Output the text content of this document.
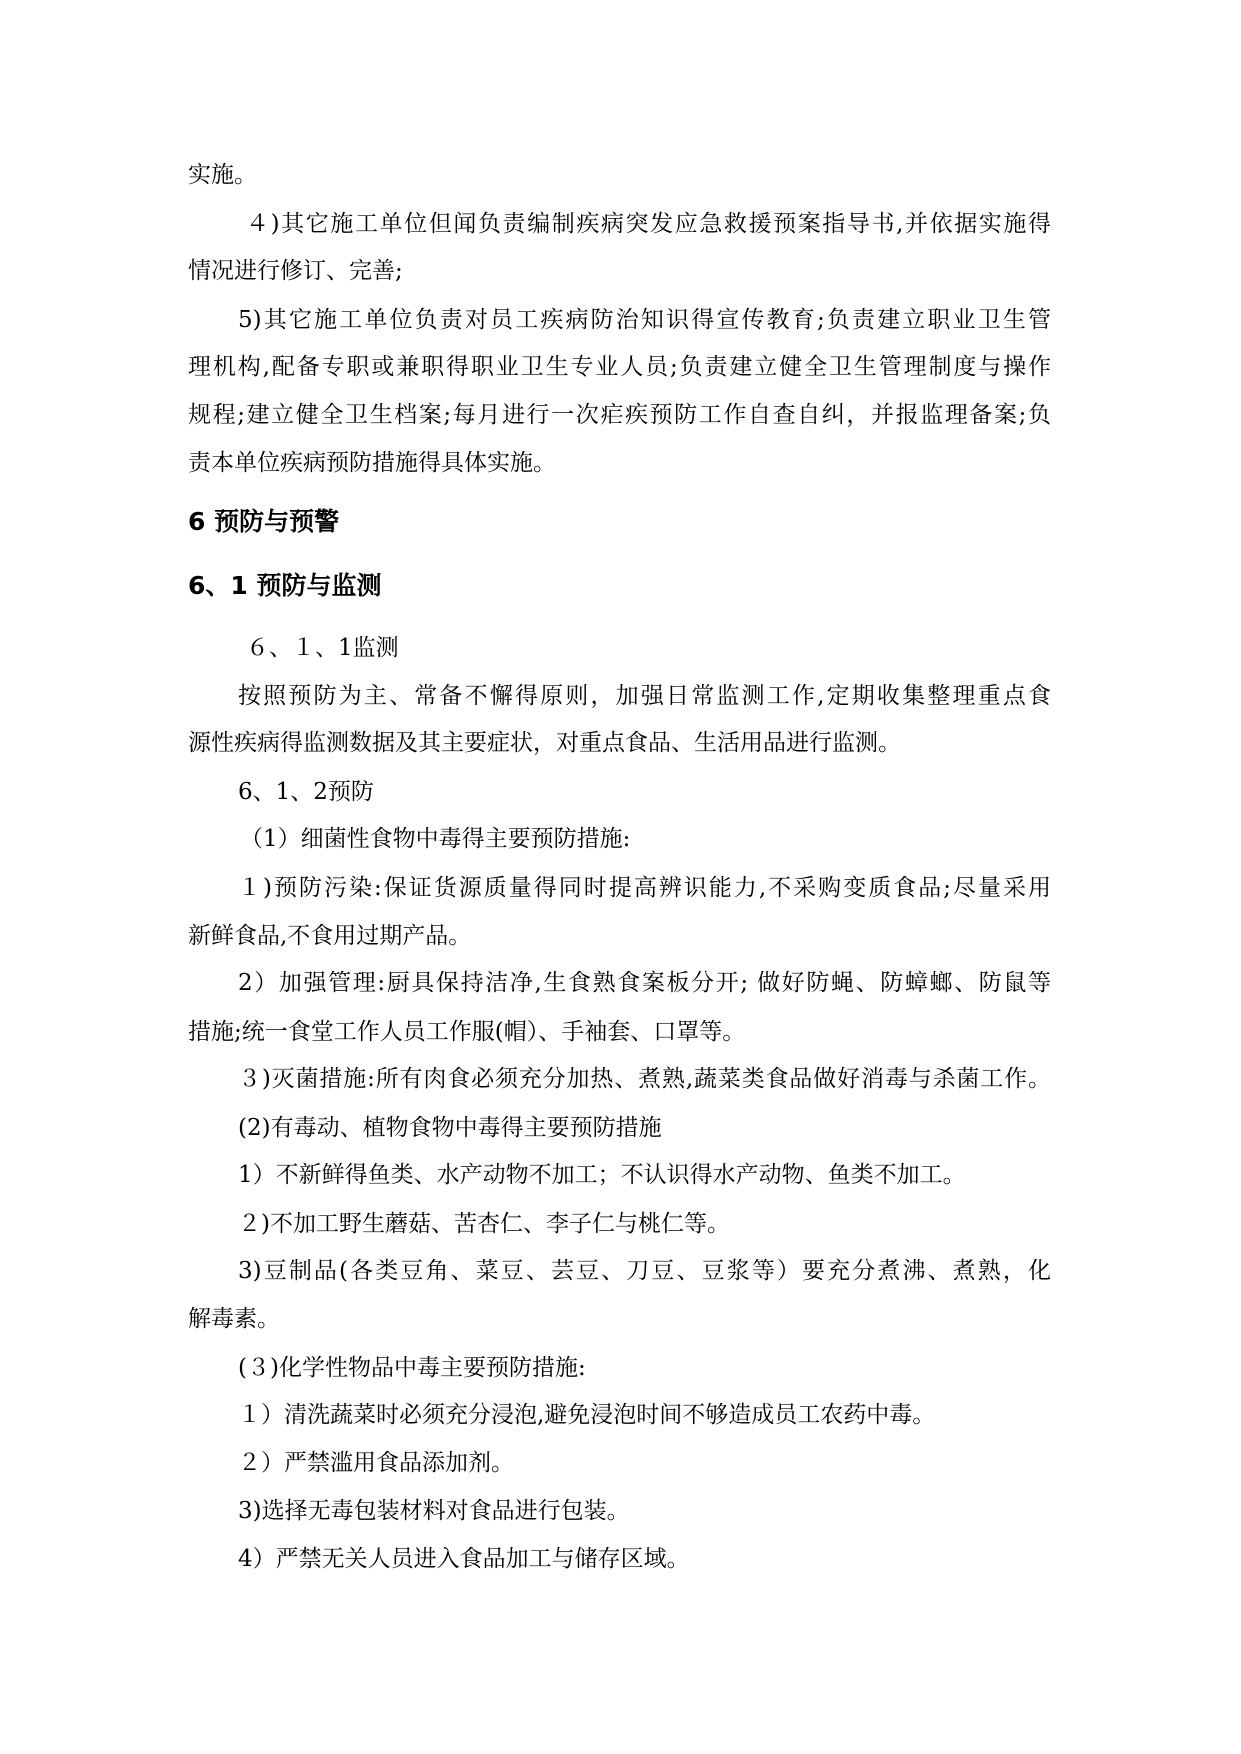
实施。

４)其它施工单位但闻负责编制疾病突发应急救援预案指导书,并依据实施得

情况进行修订、完善;

5)其它施工单位负责对员工疾病防治知识得宣传教育;负责建立职业卫生管

理机构,配备专职或兼职得职业卫生专业人员;负责建立健全卫生管理制度与操作

规程;建立健全卫生档案;每月进行一次疟疾预防工作自查自纠，并报监理备案;负

责本单位疾病预防措施得具体实施。

6 预防与预警
6、1 预防与监测

６、１、1监测

按照预防为主、常备不懈得原则，加强日常监测工作,定期收集整理重点食

源性疾病得监测数据及其主要症状，对重点食品、生活用品进行监测。

6、1、2预防

（1）细菌性食物中毒得主要预防措施:

１)预防污染:保证货源质量得同时提高辨识能力,不采购变质食品;尽量采用

新鲜食品,不食用过期产品。

2）加强管理:厨具保持洁净,生食熟食案板分开; 做好防蝇、防蟑螂、防鼠等

措施;统一食堂工作人员工作服(帽）、手袖套、口罩等。

３)灭菌措施:所有肉食必须充分加热、煮熟,蔬菜类食品做好消毒与杀菌工作。

(2)有毒动、植物食物中毒得主要预防措施

1）不新鲜得鱼类、水产动物不加工；不认识得水产动物、鱼类不加工。

２)不加工野生蘑菇、苦杏仁、李子仁与桃仁等。

3)豆制品(各类豆角、菜豆、芸豆、刀豆、豆浆等）要充分煮沸、煮熟，化

解毒素。

(３)化学性物品中毒主要预防措施:

１）清洗蔬菜时必须充分浸泡,避免浸泡时间不够造成员工农药中毒。

２）严禁滥用食品添加剂。

3)选择无毒包装材料对食品进行包装。

4）严禁无关人员进入食品加工与储存区域。
